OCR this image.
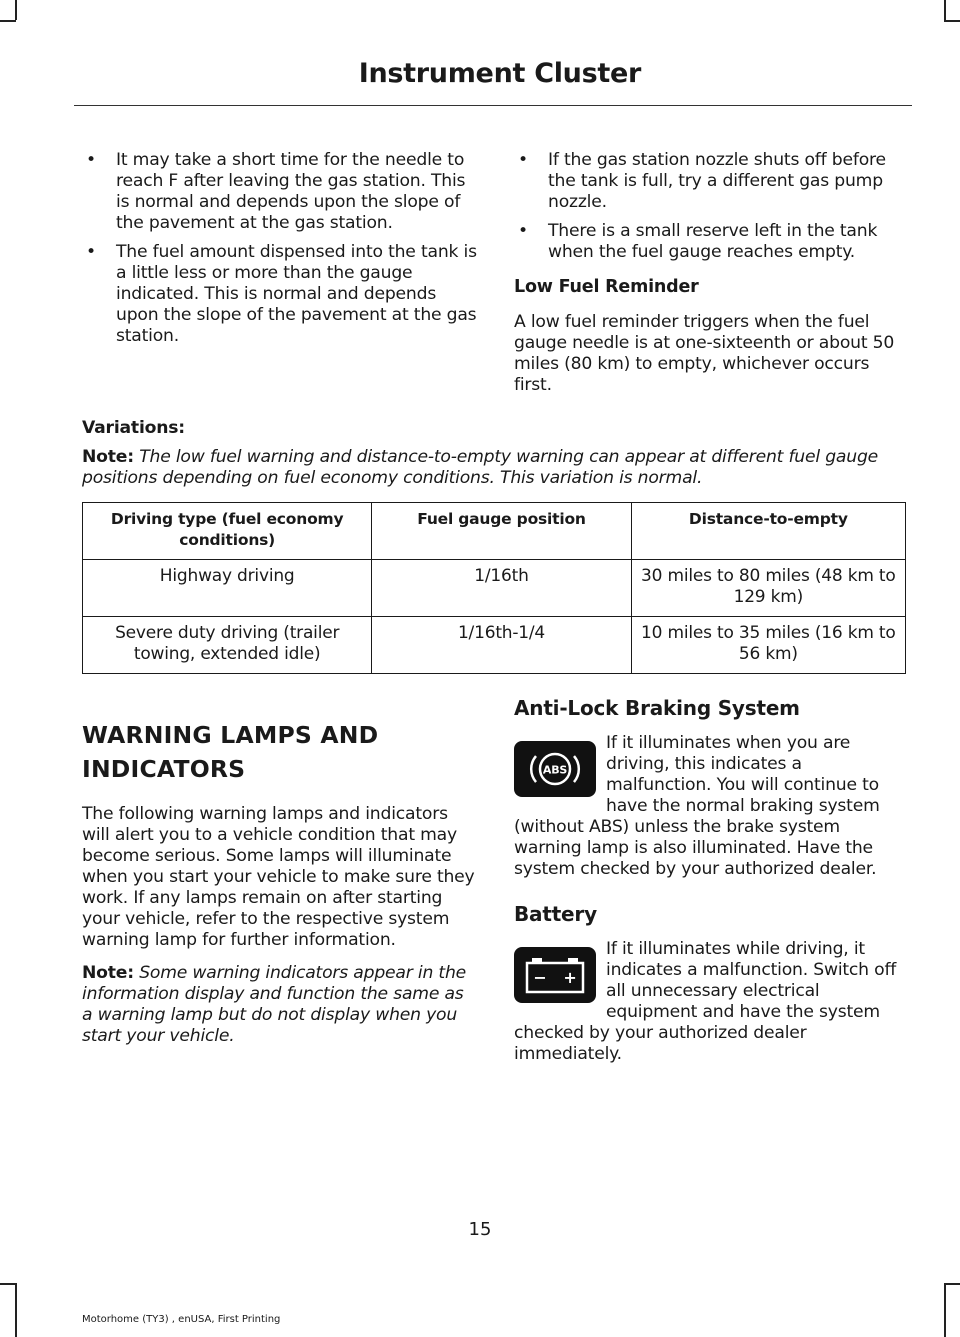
Instrument Cluster
• It may take a short time for the needle to reach F after leaving the gas station. This is normal and depends upon the slope of the pavement at the gas station.
• The fuel amount dispensed into the tank is a little less or more than the gauge indicated. This is normal and depends upon the slope of the pavement at the gas station.
• If the gas station nozzle shuts off before the tank is full, try a different gas pump nozzle.
• There is a small reserve left in the tank when the fuel gauge reaches empty.
Low Fuel Reminder

A low fuel reminder triggers when the fuel gauge needle is at one-sixteenth or about 50 miles (80 km) to empty, whichever occurs first.

Variations:

Note: The low fuel warning and distance-to-empty warning can appear at different fuel gauge positions depending on fuel economy conditions. This variation is normal.

Driving type (fuel economy conditions)	Fuel gauge position	Distance-to-empty
Highway driving	1/16th	30 miles to 80 miles (48 km to 129 km)
Severe duty driving (trailer towing, extended idle)	1/16th-1/4	10 miles to 35 miles (16 km to 56 km)
WARNING LAMPS AND INDICATORS

The following warning lamps and indicators will alert you to a vehicle condition that may become serious. Some lamps will illuminate when you start your vehicle to make sure they work. If any lamps remain on after starting your vehicle, refer to the respective system warning lamp for further information.

Note: Some warning indicators appear in the information display and function the same as a warning lamp but do not display when you start your vehicle.

Anti-Lock Braking System
ABS

If it illuminates when you are driving, this indicates a malfunction. You will continue to have the normal braking system (without ABS) unless the brake system warning lamp is also illuminated. Have the system checked by your authorized dealer.

Battery
− +

If it illuminates while driving, it indicates a malfunction. Switch off all unnecessary electrical equipment and have the system checked by your authorized dealer immediately.

15
Motorhome (TY3) , enUSA, First Printing
